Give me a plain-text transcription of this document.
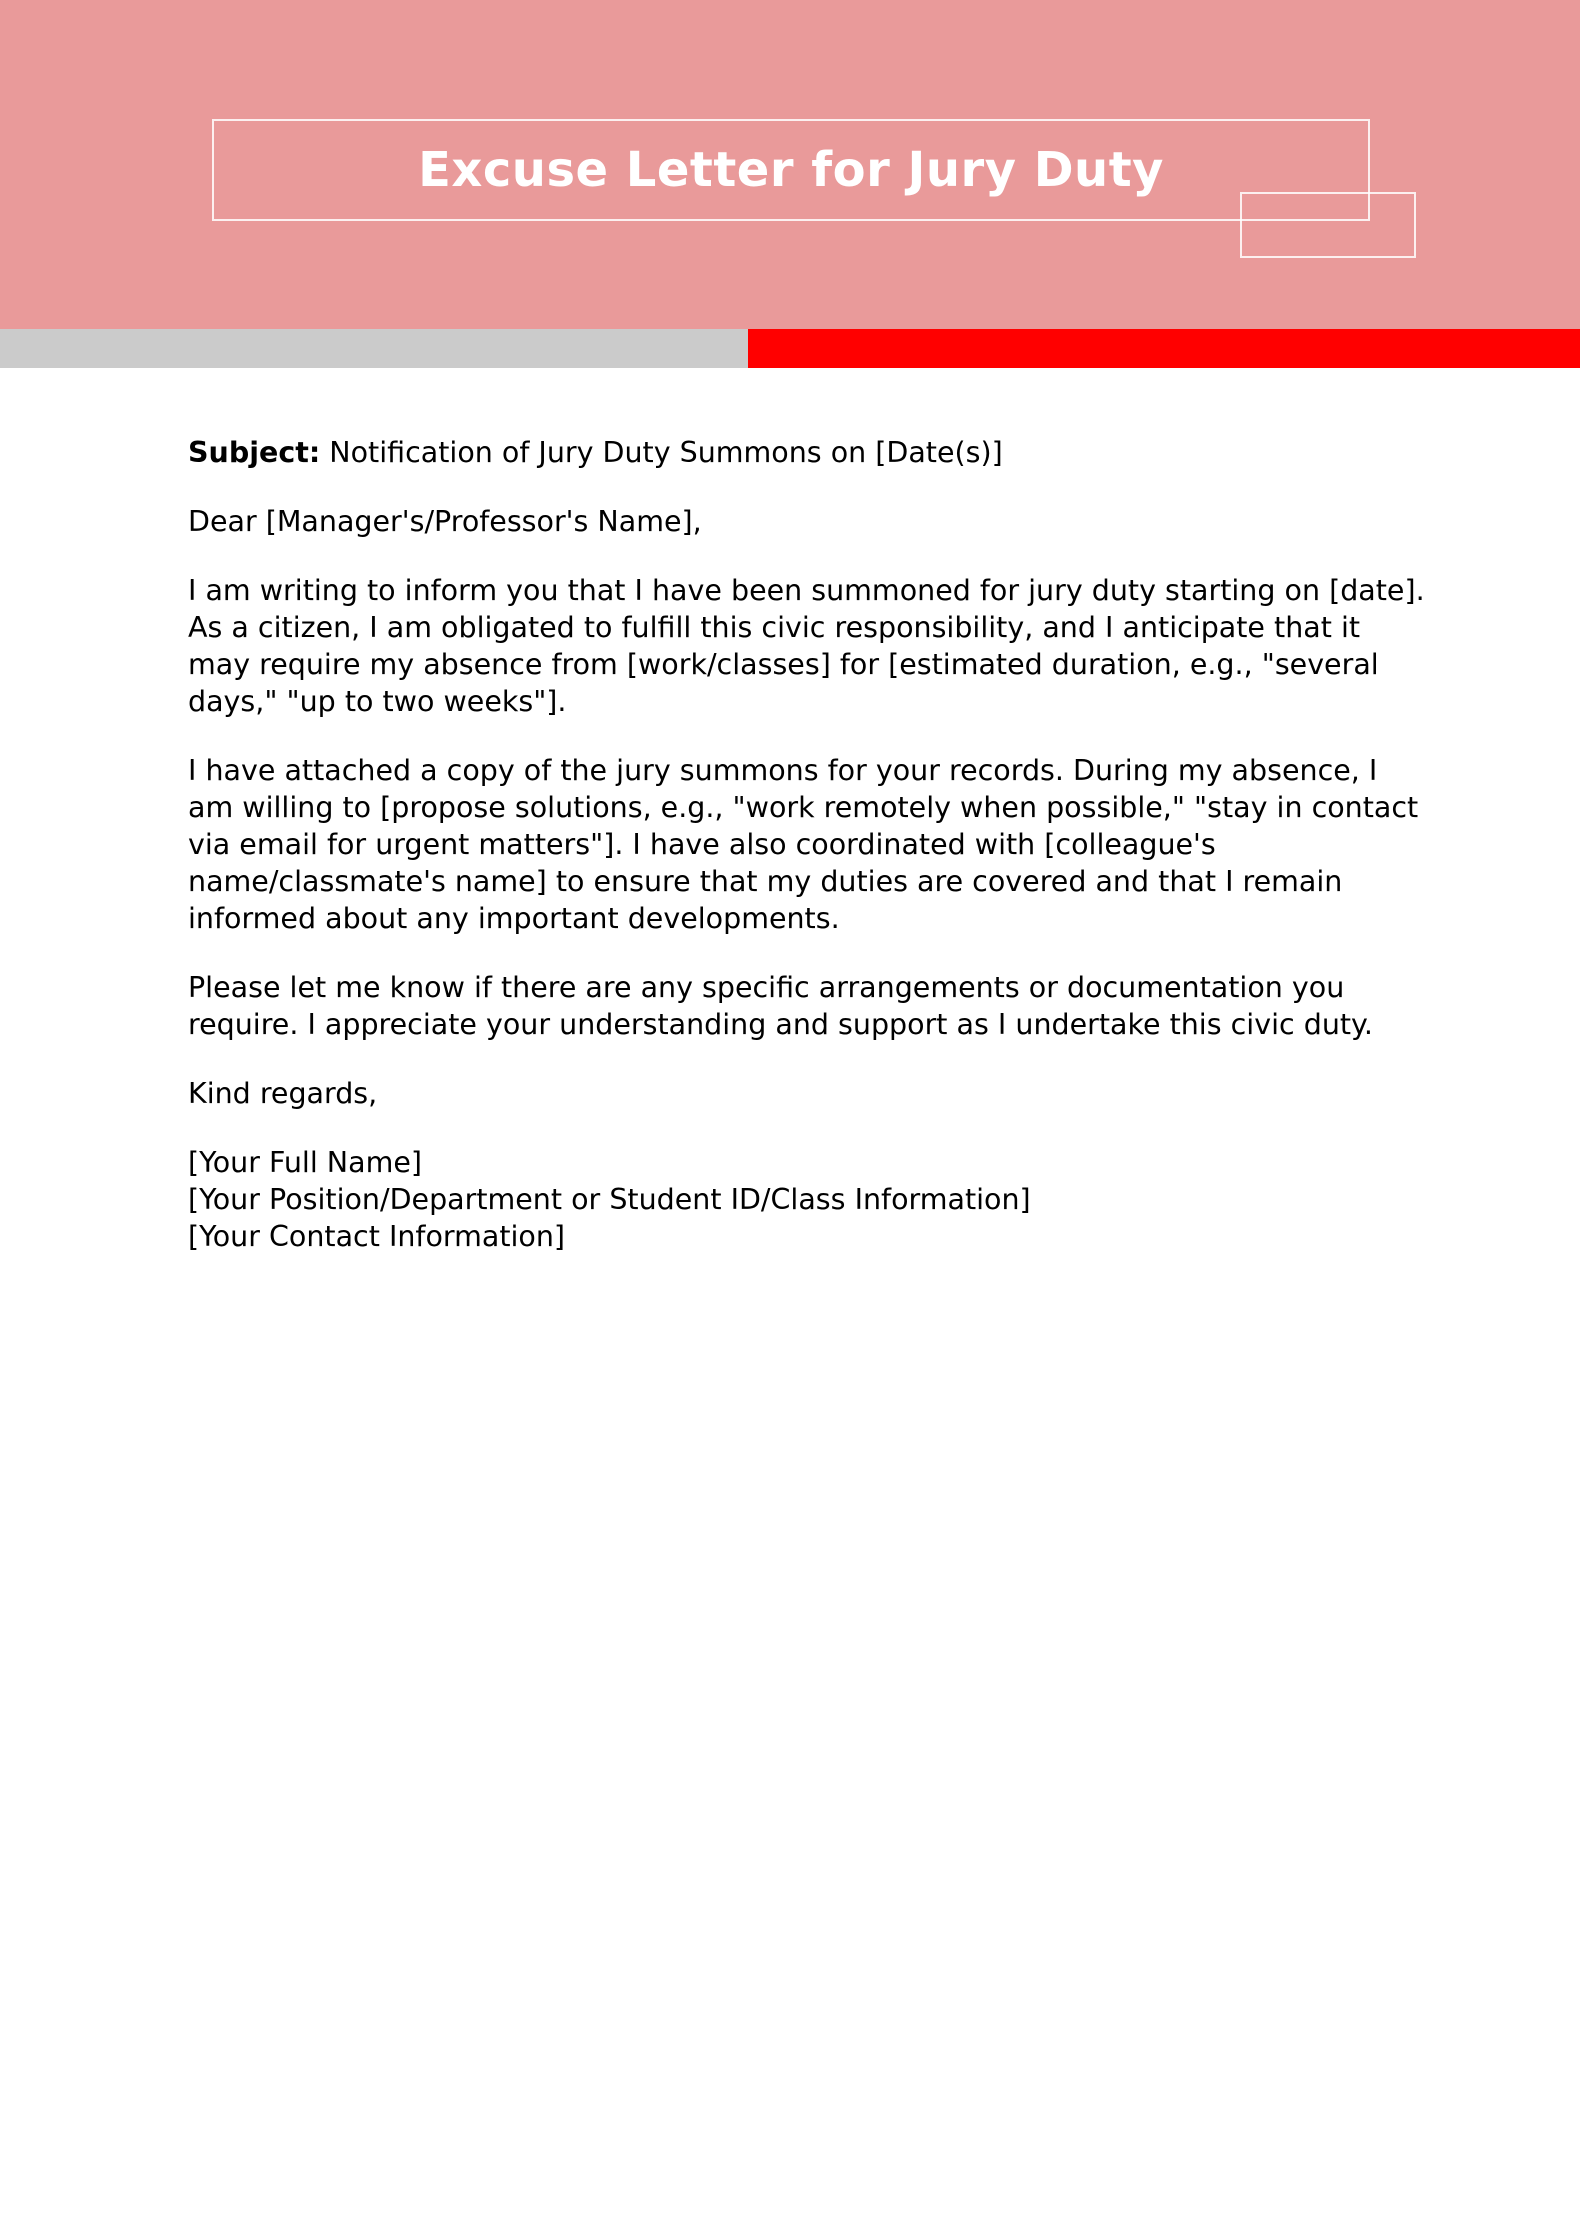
Excuse Letter for Jury Duty

Subject: Notification of Jury Duty Summons on [Date(s)]

Dear [Manager's/Professor's Name],

I am writing to inform you that I have been summoned for jury duty starting on [date]. As a citizen, I am obligated to fulfill this civic responsibility, and I anticipate that it may require my absence from [work/classes] for [estimated duration, e.g., "several days," "up to two weeks"].

I have attached a copy of the jury summons for your records. During my absence, I am willing to [propose solutions, e.g., "work remotely when possible," "stay in contact via email for urgent matters"]. I have also coordinated with [colleague's name/classmate's name] to ensure that my duties are covered and that I remain informed about any important developments.

Please let me know if there are any specific arrangements or documentation you require. I appreciate your understanding and support as I undertake this civic duty.

Kind regards,

[Your Full Name]
[Your Position/Department or Student ID/Class Information]
[Your Contact Information]
